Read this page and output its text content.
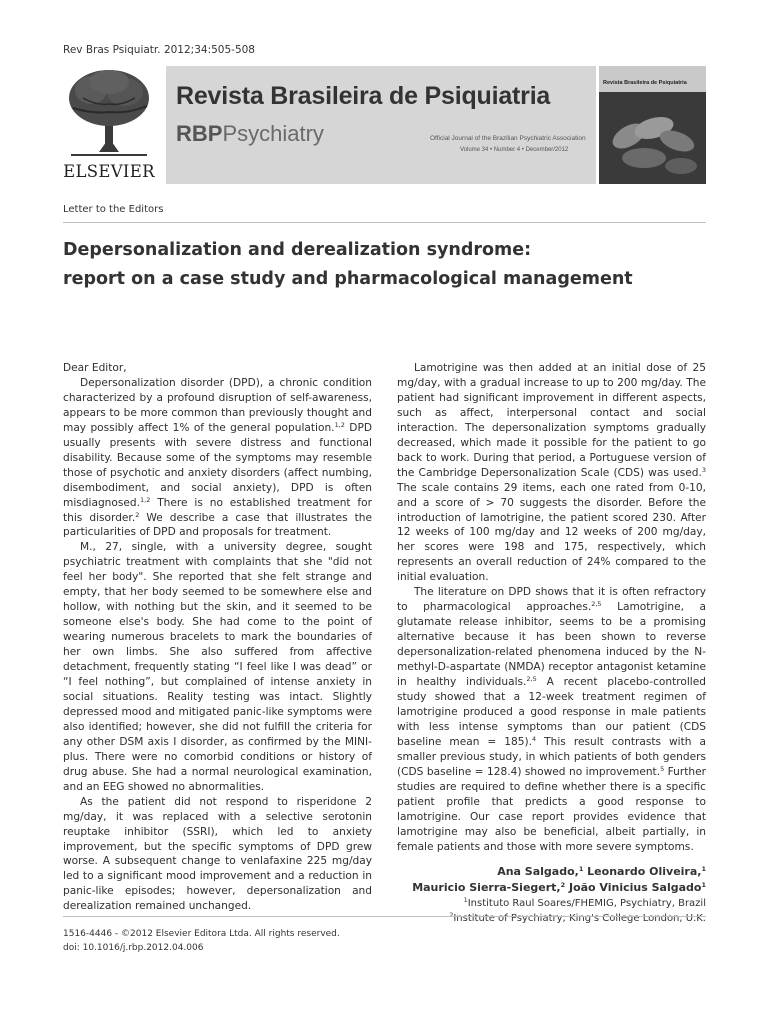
Rev Bras Psiquiatr. 2012;34:505-508
ELSEVIER
Revista Brasileira de Psiquiatria
RBPPsychiatry	Official Journal of the Brazilian Psychiatric Association
Volume 34 • Number 4 • December/2012
Revista Brasileira de Psiquiatria
Letter to the Editors
Depersonalization and derealization syndrome:
report on a case study and pharmacological management

Dear Editor,

Depersonalization disorder (DPD), a chronic condition characterized by a profound disruption of self-awareness, appears to be more common than previously thought and may possibly affect 1% of the general population.$^{1,2}$ DPD usually presents with severe distress and functional disability. Because some of the symptoms may resemble those of psychotic and anxiety disorders (affect numbing, disembodiment, and social anxiety), DPD is often misdiagnosed.$^{1,2}$ There is no established treatment for this disorder.$^2$ We describe a case that illustrates the particularities of DPD and proposals for treatment.

M., 27, single, with a university degree, sought psychiatric treatment with complaints that she "did not feel her body". She reported that she felt strange and empty, that her body seemed to be somewhere else and hollow, with nothing but the skin, and it seemed to be someone else's body. She had come to the point of wearing numerous bracelets to mark the boundaries of her own limbs. She also suffered from affective detachment, frequently stating “I feel like I was dead” or “I feel nothing”, but complained of intense anxiety in social situations. Reality testing was intact. Slightly depressed mood and mitigated panic-like symptoms were also identified; however, she did not fulfill the criteria for any other DSM axis I disorder, as confirmed by the MINI-plus. There were no comorbid conditions or history of drug abuse. She had a normal neurological examination, and an EEG showed no abnormalities.

As the patient did not respond to risperidone 2 mg/day, it was replaced with a selective serotonin reuptake inhibitor (SSRI), which led to anxiety improvement, but the specific symptoms of DPD grew worse. A subsequent change to venlafaxine 225 mg/day led to a significant mood improvement and a reduction in panic-like episodes; however, depersonalization and derealization remained unchanged.

Lamotrigine was then added at an initial dose of 25 mg/day, with a gradual increase to up to 200 mg/day. The patient had significant improvement in different aspects, such as affect, interpersonal contact and social interaction. The depersonalization symptoms gradually decreased, which made it possible for the patient to go back to work. During that period, a Portuguese version of the Cambridge Depersonalization Scale (CDS) was used.$^3$ The scale contains 29 items, each one rated from 0-10, and a score of > 70 suggests the disorder. Before the introduction of lamotrigine, the patient scored 230. After 12 weeks of 100 mg/day and 12 weeks of 200 mg/day, her scores were 198 and 175, respectively, which represents an overall reduction of 24% compared to the initial evaluation.

The literature on DPD shows that it is often refractory to pharmacological approaches.$^{2,5}$ Lamotrigine, a glutamate release inhibitor, seems to be a promising alternative because it has been shown to reverse depersonalization-related phenomena induced by the N-methyl-D-aspartate (NMDA) receptor antagonist ketamine in healthy individuals.$^{2,5}$ A recent placebo-controlled study showed that a 12-week treatment regimen of lamotrigine produced a good response in male patients with less intense symptoms than our patient (CDS baseline mean = 185).$^4$ This result contrasts with a smaller previous study, in which patients of both genders (CDS baseline = 128.4) showed no improvement.$^5$ Further studies are required to define whether there is a specific patient profile that predicts a good response to lamotrigine. Our case report provides evidence that lamotrigine may also be beneficial, albeit partially, in female patients and those with more severe symptoms.

Ana Salgado,$^1$ Leonardo Oliveira,$^1$
Mauricio Sierra-Siegert,$^2$ João Vinicius Salgado$^1$
$^1$Instituto Raul Soares/FHEMIG, Psychiatry, Brazil
$^2$Institute of Psychiatry; King's College London, U.K.
1516-4446 - ©2012 Elsevier Editora Ltda. All rights reserved.
doi: 10.1016/j.rbp.2012.04.006
